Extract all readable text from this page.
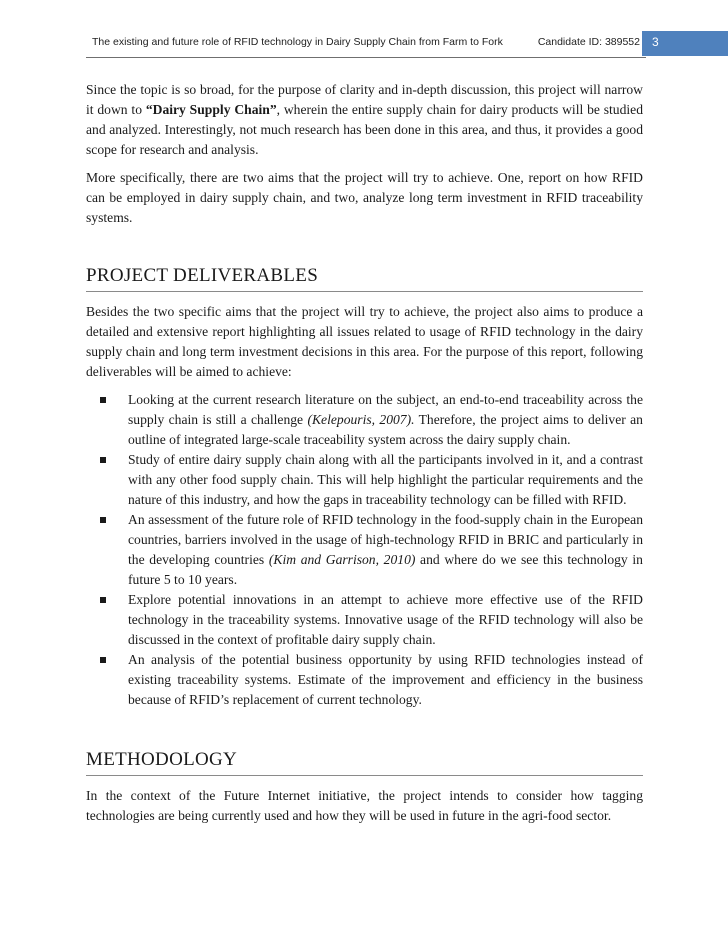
The existing and future role of RFID technology in Dairy Supply Chain from Farm to Fork	Candidate ID: 389552 3

Since the topic is so broad, for the purpose of clarity and in-depth discussion, this project will narrow it down to “Dairy Supply Chain”, wherein the entire supply chain for dairy products will be studied and analyzed. Interestingly, not much research has been done in this area, and thus, it provides a good scope for research and analysis.

More specifically, there are two aims that the project will try to achieve. One, report on how RFID can be employed in dairy supply chain, and two, analyze long term investment in RFID traceability systems.

PROJECT DELIVERABLES

Besides the two specific aims that the project will try to achieve, the project also aims to produce a detailed and extensive report highlighting all issues related to usage of RFID technology in the dairy supply chain and long term investment decisions in this area. For the purpose of this report, following deliverables will be aimed to achieve:

Looking at the current research literature on the subject, an end-to-end traceability across the supply chain is still a challenge (Kelepouris, 2007). Therefore, the project aims to deliver an outline of integrated large-scale traceability system across the dairy supply chain.
Study of entire dairy supply chain along with all the participants involved in it, and a contrast with any other food supply chain. This will help highlight the particular requirements and the nature of this industry, and how the gaps in traceability technology can be filled with RFID.
An assessment of the future role of RFID technology in the food-supply chain in the European countries, barriers involved in the usage of high-technology RFID in BRIC and particularly in the developing countries (Kim and Garrison, 2010) and where do we see this technology in future 5 to 10 years.
Explore potential innovations in an attempt to achieve more effective use of the RFID technology in the traceability systems. Innovative usage of the RFID technology will also be discussed in the context of profitable dairy supply chain.
An analysis of the potential business opportunity by using RFID technologies instead of existing traceability systems. Estimate of the improvement and efficiency in the business because of RFID’s replacement of current technology.
METHODOLOGY

In the context of the Future Internet initiative, the project intends to consider how tagging technologies are being currently used and how they will be used in future in the agri-food sector.
